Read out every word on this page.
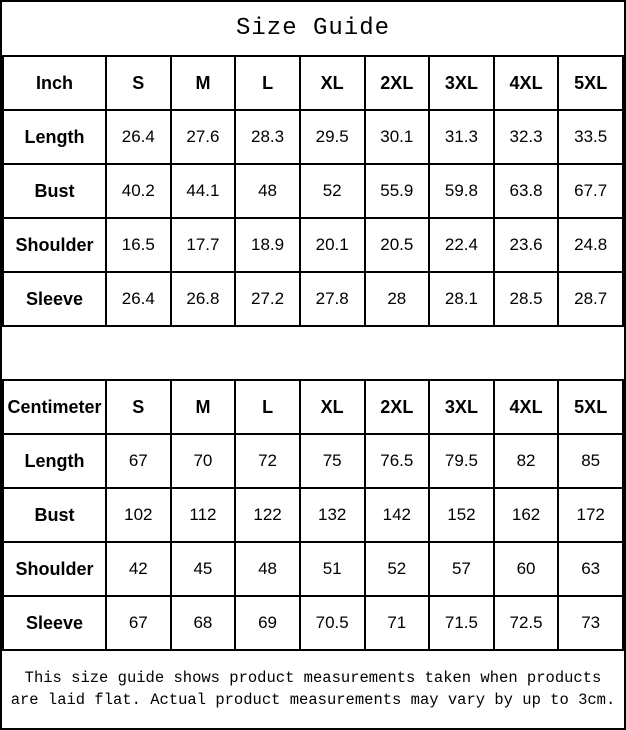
Size Guide
Inch	S	M	L	XL	2XL	3XL	4XL	5XL
Length	26.4	27.6	28.3	29.5	30.1	31.3	32.3	33.5
Bust	40.2	44.1	48	52	55.9	59.8	63.8	67.7
Shoulder	16.5	17.7	18.9	20.1	20.5	22.4	23.6	24.8
Sleeve	26.4	26.8	27.2	27.8	28	28.1	28.5	28.7
Centimeter	S	M	L	XL	2XL	3XL	4XL	5XL
Length	67	70	72	75	76.5	79.5	82	85
Bust	102	112	122	132	142	152	162	172
Shoulder	42	45	48	51	52	57	60	63
Sleeve	67	68	69	70.5	71	71.5	72.5	73
This size guide shows product measurements taken when products
are laid flat. Actual product measurements may vary by up to 3cm.
